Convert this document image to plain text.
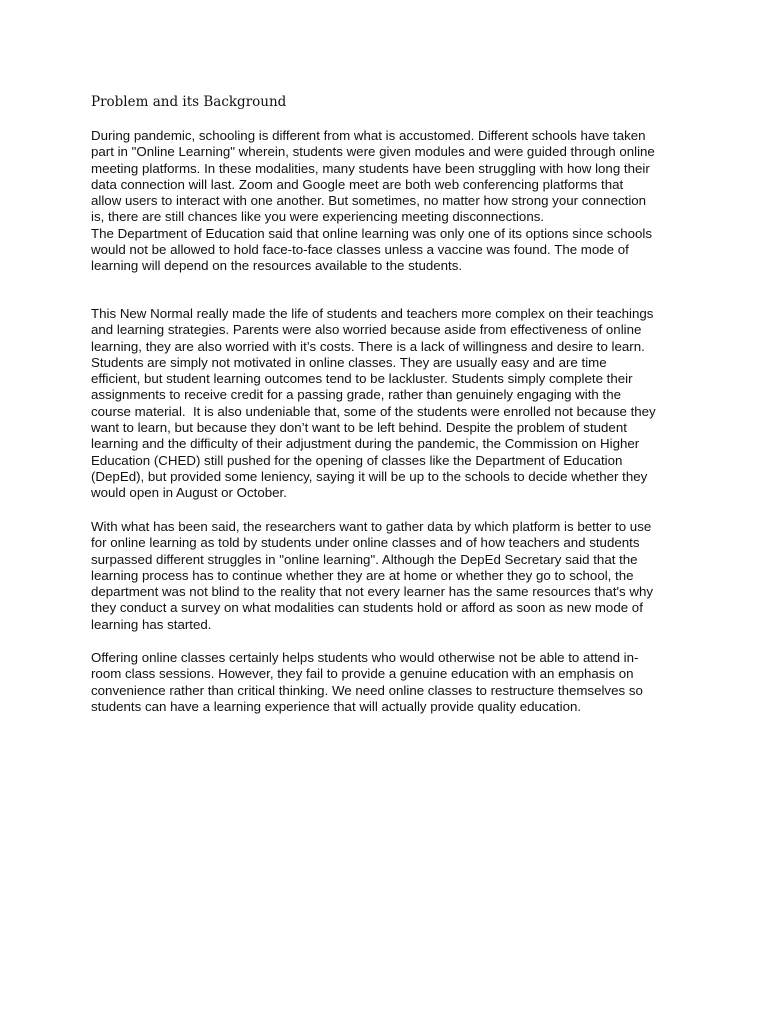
Problem and its Background
During pandemic, schooling is different from what is accustomed. Different schools have taken
part in "Online Learning" wherein, students were given modules and were guided through online
meeting platforms. In these modalities, many students have been struggling with how long their
data connection will last. Zoom and Google meet are both web conferencing platforms that
allow users to interact with one another. But sometimes, no matter how strong your connection
is, there are still chances like you were experiencing meeting disconnections.
The Department of Education said that online learning was only one of its options since schools
would not be allowed to hold face-to-face classes unless a vaccine was found. The mode of
learning will depend on the resources available to the students.
This New Normal really made the life of students and teachers more complex on their teachings
and learning strategies. Parents were also worried because aside from effectiveness of online
learning, they are also worried with it’s costs. There is a lack of willingness and desire to learn.
Students are simply not motivated in online classes. They are usually easy and are time
efficient, but student learning outcomes tend to be lackluster. Students simply complete their
assignments to receive credit for a passing grade, rather than genuinely engaging with the
course material.  It is also undeniable that, some of the students were enrolled not because they
want to learn, but because they don’t want to be left behind. Despite the problem of student
learning and the difficulty of their adjustment during the pandemic, the Commission on Higher
Education (CHED) still pushed for the opening of classes like the Department of Education
(DepEd), but provided some leniency, saying it will be up to the schools to decide whether they
would open in August or October.
With what has been said, the researchers want to gather data by which platform is better to use
for online learning as told by students under online classes and of how teachers and students
surpassed different struggles in "online learning". Although the DepEd Secretary said that the
learning process has to continue whether they are at home or whether they go to school, the
department was not blind to the reality that not every learner has the same resources that's why
they conduct a survey on what modalities can students hold or afford as soon as new mode of
learning has started.
Offering online classes certainly helps students who would otherwise not be able to attend in-
room class sessions. However, they fail to provide a genuine education with an emphasis on
convenience rather than critical thinking. We need online classes to restructure themselves so
students can have a learning experience that will actually provide quality education.
